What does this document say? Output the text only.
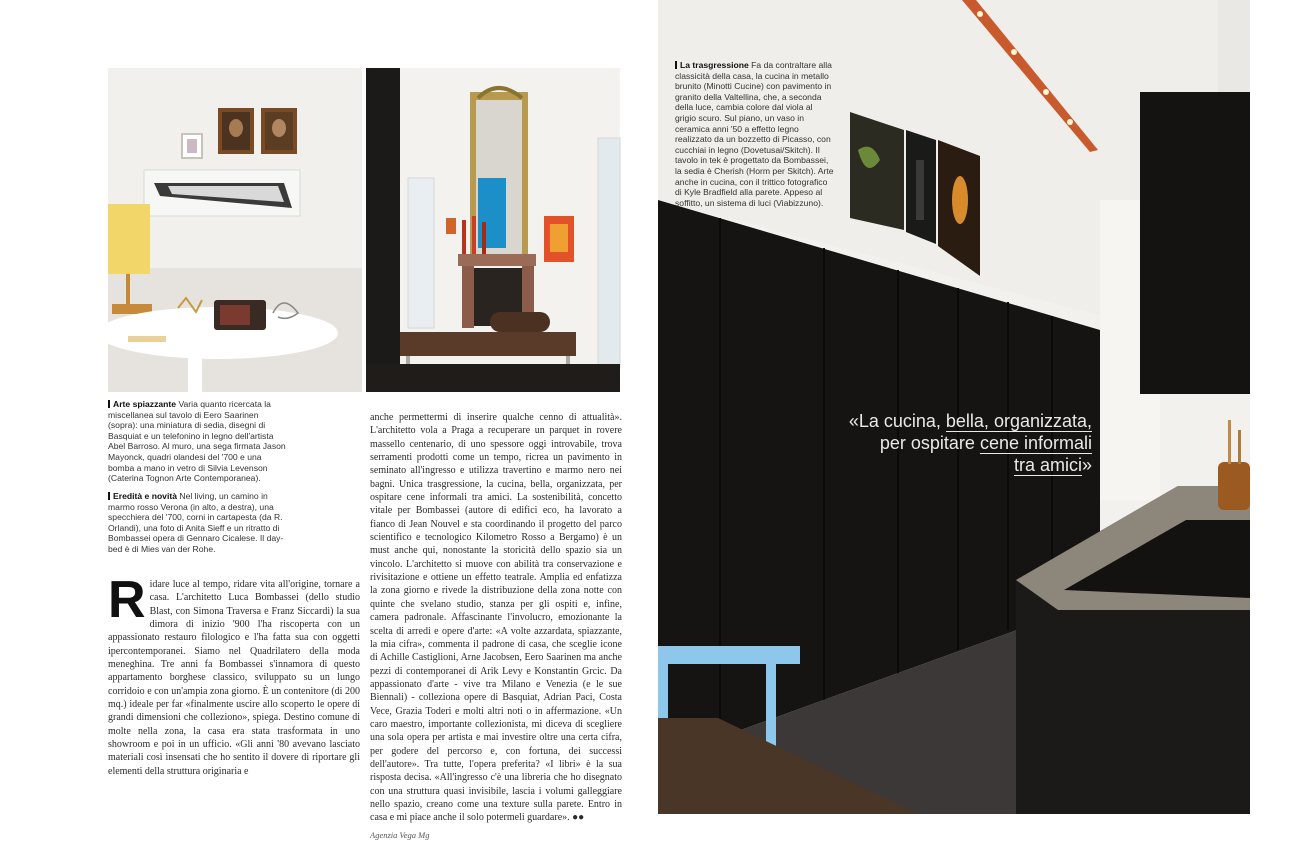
Arte spiazzante Varia quanto ricercata la miscellanea sul tavolo di Eero Saarinen (sopra): una miniatura di sedia, disegni di Basquiat e un telefonino in legno dell'artista Abel Barroso. Al muro, una sega firmata Jason Mayonck, quadri olandesi del '700 e una bomba a mano in vetro di Silvia Levenson (Caterina Tognon Arte Contemporanea).
Eredità e novità Nel living, un camino in marmo rosso Verona (in alto, a destra), una specchiera del '700, corni in cartapesta (da R. Orlandi), una foto di Anita Sieff e un ritratto di Bombassei opera di Gennaro Cicalese. Il day-bed è di Mies van der Rohe.
R idare luce al tempo, ridare vita all'origine, tornare a casa. L'architetto Luca Bombassei (dello studio Blast, con Simona Traversa e Franz Siccardi) la sua dimora di inizio '900 l'ha riscoperta con un appassionato restauro filologico e l'ha fatta sua con oggetti ipercontemporanei. Siamo nel Quadrilatero della moda meneghina. Tre anni fa Bombassei s'innamora di questo appartamento borghese classico, sviluppato su un lungo corridoio e con un'ampia zona giorno. È un contenitore (di 200 mq.) ideale per far «finalmente uscire allo scoperto le opere di grandi dimensioni che colleziono», spiega. Destino comune di molte nella zona, la casa era stata trasformata in uno showroom e poi in un ufficio. «Gli anni '80 avevano lasciato materiali così insensati che ho sentito il dovere di riportare gli elementi della struttura originaria e

anche permettermi di inserire qualche cenno di attualità». L'architetto vola a Praga a recuperare un parquet in rovere massello centenario, di uno spessore oggi introvabile, trova serramenti prodotti come un tempo, ricrea un pavimento in seminato all'ingresso e utilizza travertino e marmo nero nei bagni. Unica trasgressione, la cucina, bella, organizzata, per ospitare cene informali tra amici. La sostenibilità, concetto vitale per Bombassei (autore di edifici eco, ha lavorato a fianco di Jean Nouvel e sta coordinando il progetto del parco scientifico e tecnologico Kilometro Rosso a Bergamo) è un must anche qui, nonostante la storicità dello spazio sia un vincolo. L'architetto si muove con abilità tra conservazione e rivisitazione e ottiene un effetto teatrale. Amplia ed enfatizza la zona giorno e rivede la distribuzione della zona notte con quinte che svelano studio, stanza per gli ospiti e, infine, camera padronale. Affascinante l'involucro, emozionante la scelta di arredi e opere d'arte: «A volte azzardata, spiazzante, la mia cifra», commenta il padrone di casa, che sceglie icone di Achille Castiglioni, Arne Jacobsen, Eero Saarinen ma anche pezzi di contemporanei di Arik Levy e Konstantin Grcic. Da appassionato d'arte - vive tra Milano e Venezia (e le sue Biennali) - colleziona opere di Basquiat, Adrian Paci, Costa Vece, Grazia Toderi e molti altri noti o in affermazione. «Un caro maestro, importante collezionista, mi diceva di scegliere una sola opera per artista e mai investire oltre una certa cifra, per godere del percorso e, con fortuna, dei successi dell'autore». Tra tutte, l'opera preferita? «I libri» è la sua risposta decisa. «All'ingresso c'è una libreria che ho disegnato con una struttura quasi invisibile, lascia i volumi galleggiare nello spazio, creano come una texture sulla parete. Entro in casa e mi piace anche il solo potermeli guardare». ●●

Agenzia Vega Mg
La trasgressione Fa da contraltare alla classicità della casa, la cucina in metallo brunito (Minotti Cucine) con pavimento in granito della Valtellina, che, a seconda della luce, cambia colore dal viola al grigio scuro. Sul piano, un vaso in ceramica anni '50 a effetto legno realizzato da un bozzetto di Picasso, con cucchiai in legno (Dovetusai/Skitch). Il tavolo in tek è progettato da Bombassei, la sedia è Cherish (Horm per Skitch). Arte anche in cucina, con il trittico fotografico di Kyle Bradfield alla parete. Appeso al soffitto, un sistema di luci (Viabizzuno).
«La cucina, bella, organizzata,
per ospitare cene informali
tra amici»
